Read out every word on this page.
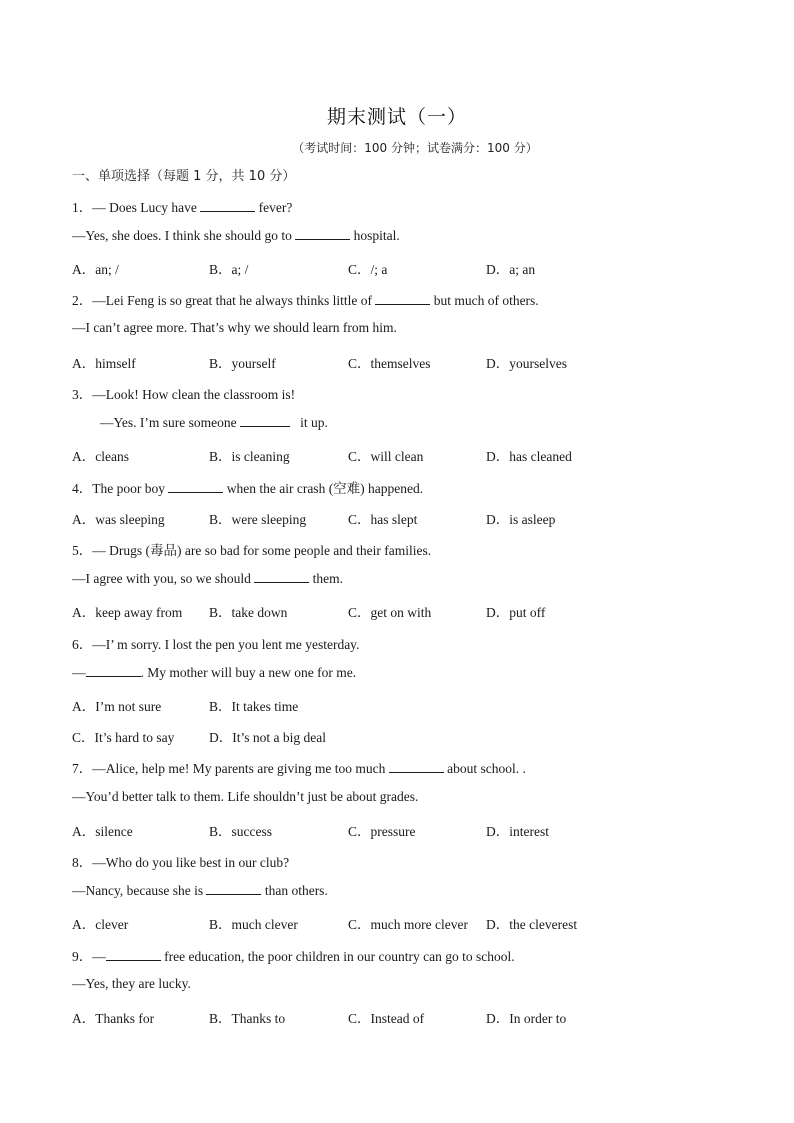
期末测试（一）
（考试时间：100 分钟；试卷满分：100 分）
一、单项选择（每题 1 分，共 10 分）
1．— Does Lucy have	fever?
—Yes, she does. I think she should go to	hospital.
A．an; /	B．a; /	C．/; a	D．a; an
2．—Lei Feng is so great that he always thinks little of	but much of others.
—I can’t agree more. That’s why we should learn from him.
A．himself	B．yourself	C．themselves	D．yourselves
3．—Look! How clean the classroom is!
—Yes. I’m sure someone	it up.
A．cleans	B．is cleaning	C．will clean	D．has cleaned
4．The poor boy	when the air crash (空难) happened.
A．was sleeping	B．were sleeping	C．has slept	D．is asleep
5．— Drugs (毒品) are so bad for some people and their families.
—I agree with you, so we should	them.
A．keep away from B．take down	C．get on with	D．put off
6．—I’ m sorry. I lost the pen you lent me yesterday.
—	. My mother will buy a new one for me.
A．I’m not sure	B．It takes time
C．It’s hard to say	D．It’s not a big deal
7．—Alice, help me! My parents are giving me too much	about school. .
—You’d better talk to them. Life shouldn’t just be about grades.
A．silence	B．success	C．pressure	D．interest
8．—Who do you like best in our club?
—Nancy, because she is	than others.
A．clever	B．much clever	C．much more clever D．the cleverest
9．—	free education, the poor children in our country can go to school.
—Yes, they are lucky.
A．Thanks for	B．Thanks to	C．Instead of	D．In order to
